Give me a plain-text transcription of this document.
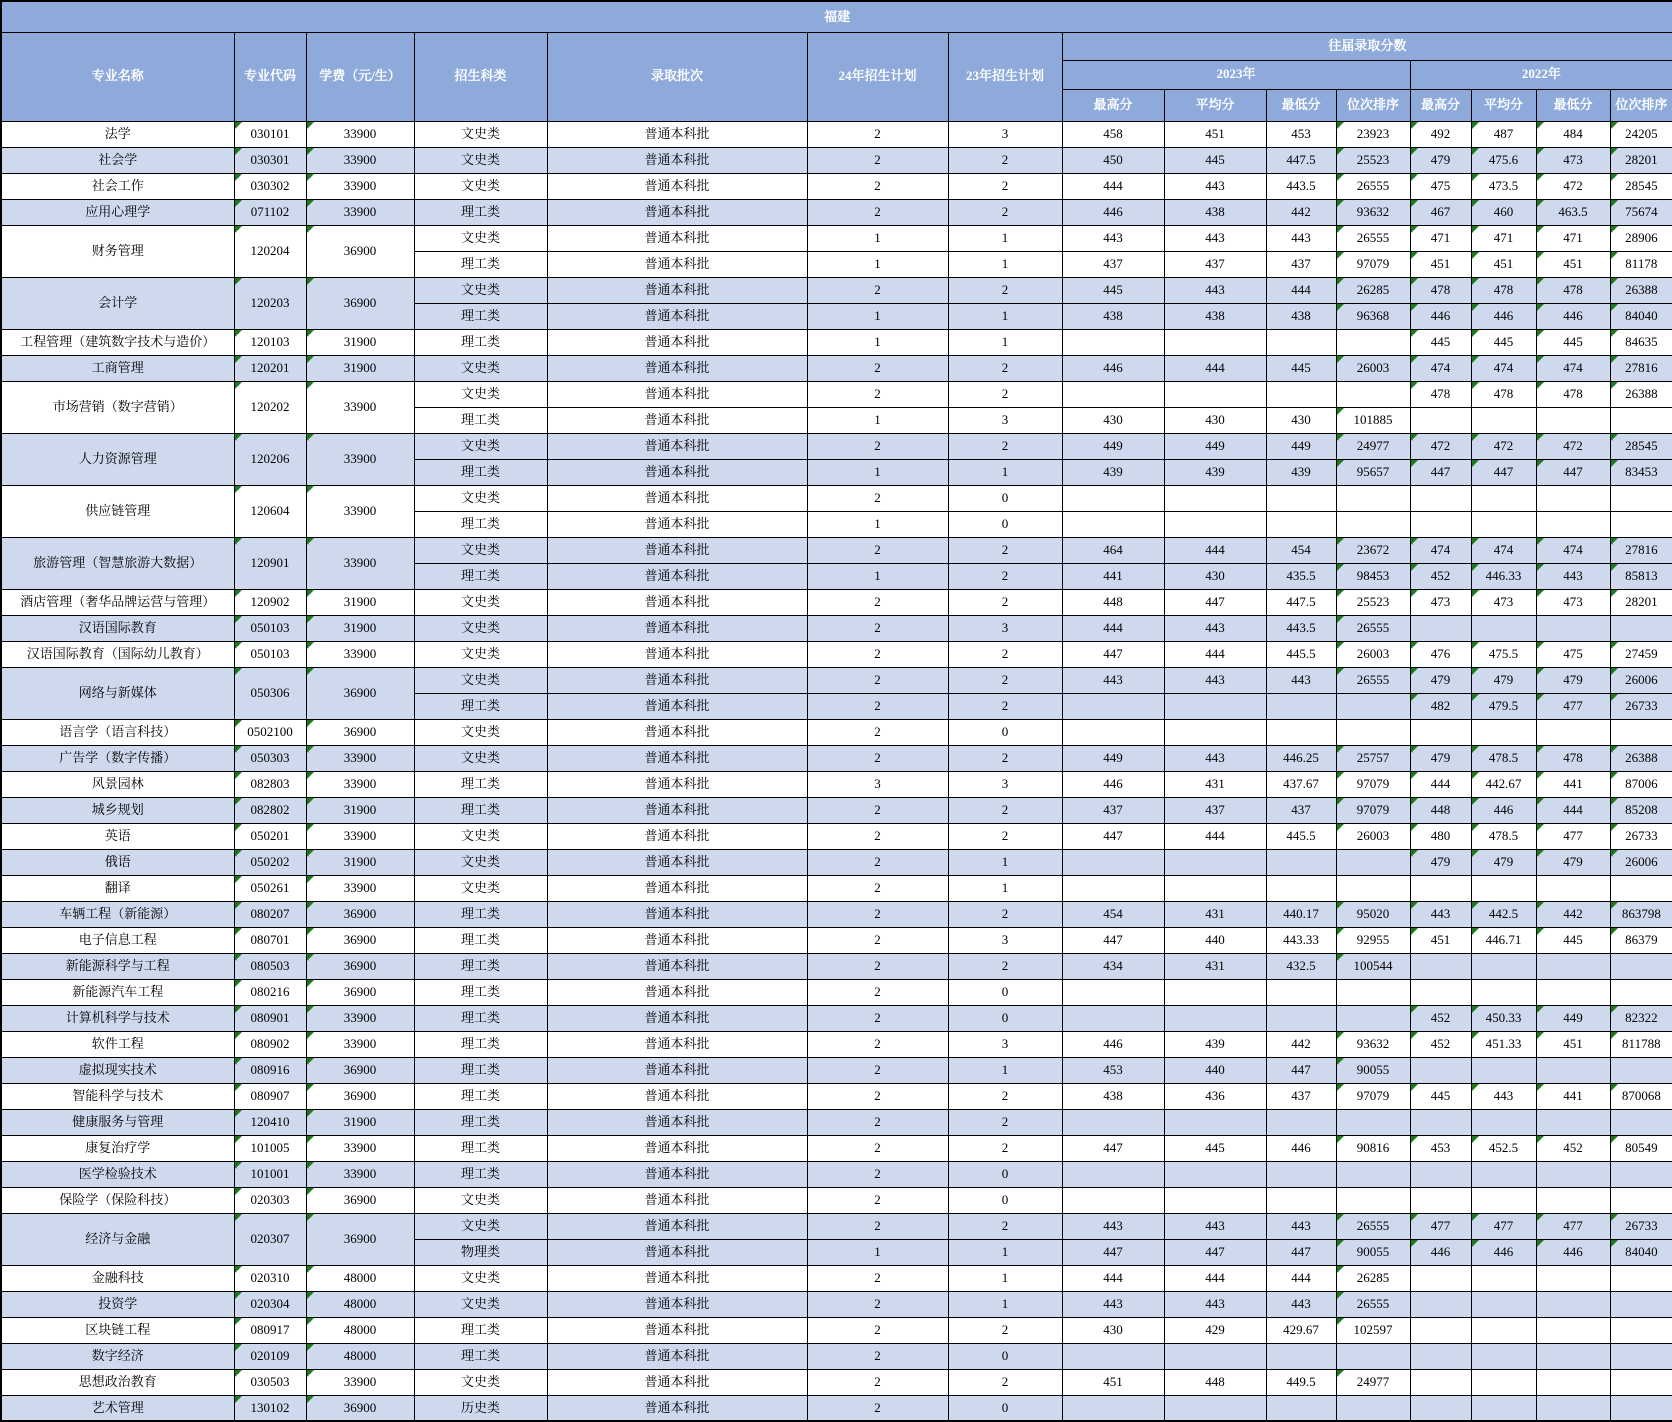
福建														
专业名称	专业代码	学费（元/生）	招生科类	录取批次	24年招生计划	23年招生计划	往届录取分数							
							2023年				2022年			
							最高分	平均分	最低分	位次排序	最高分	平均分	最低分	位次排序
法学	030101	33900	文史类	普通本科批	2	3	458	451	453	23923	492	487	484	24205
社会学	030301	33900	文史类	普通本科批	2	2	450	445	447.5	25523	479	475.6	473	28201
社会工作	030302	33900	文史类	普通本科批	2	2	444	443	443.5	26555	475	473.5	472	28545
应用心理学	071102	33900	理工类	普通本科批	2	2	446	438	442	93632	467	460	463.5	75674
财务管理	120204	36900	文史类	普通本科批	1	1	443	443	443	26555	471	471	471	28906
			理工类	普通本科批	1	1	437	437	437	97079	451	451	451	81178
会计学	120203	36900	文史类	普通本科批	2	2	445	443	444	26285	478	478	478	26388
			理工类	普通本科批	1	1	438	438	438	96368	446	446	446	84040
工程管理（建筑数字技术与造价）	120103	31900	理工类	普通本科批	1	1					445	445	445	84635
工商管理	120201	31900	文史类	普通本科批	2	2	446	444	445	26003	474	474	474	27816
市场营销（数字营销）	120202	33900	文史类	普通本科批	2	2					478	478	478	26388
			理工类	普通本科批	1	3	430	430	430	101885				
人力资源管理	120206	33900	文史类	普通本科批	2	2	449	449	449	24977	472	472	472	28545
			理工类	普通本科批	1	1	439	439	439	95657	447	447	447	83453
供应链管理	120604	33900	文史类	普通本科批	2	0								
			理工类	普通本科批	1	0								
旅游管理（智慧旅游大数据）	120901	33900	文史类	普通本科批	2	2	464	444	454	23672	474	474	474	27816
			理工类	普通本科批	1	2	441	430	435.5	98453	452	446.33	443	85813
酒店管理（奢华品牌运营与管理）	120902	31900	文史类	普通本科批	2	2	448	447	447.5	25523	473	473	473	28201
汉语国际教育	050103	31900	文史类	普通本科批	2	3	444	443	443.5	26555				
汉语国际教育（国际幼儿教育）	050103	33900	文史类	普通本科批	2	2	447	444	445.5	26003	476	475.5	475	27459
网络与新媒体	050306	36900	文史类	普通本科批	2	2	443	443	443	26555	479	479	479	26006
			理工类	普通本科批	2	2					482	479.5	477	26733
语言学（语言科技）	0502100	36900	文史类	普通本科批	2	0								
广告学（数字传播）	050303	33900	文史类	普通本科批	2	2	449	443	446.25	25757	479	478.5	478	26388
风景园林	082803	33900	理工类	普通本科批	3	3	446	431	437.67	97079	444	442.67	441	87006
城乡规划	082802	31900	理工类	普通本科批	2	2	437	437	437	97079	448	446	444	85208
英语	050201	33900	文史类	普通本科批	2	2	447	444	445.5	26003	480	478.5	477	26733
俄语	050202	31900	文史类	普通本科批	2	1					479	479	479	26006
翻译	050261	33900	文史类	普通本科批	2	1								
车辆工程（新能源）	080207	36900	理工类	普通本科批	2	2	454	431	440.17	95020	443	442.5	442	863798
电子信息工程	080701	36900	理工类	普通本科批	2	3	447	440	443.33	92955	451	446.71	445	86379
新能源科学与工程	080503	36900	理工类	普通本科批	2	2	434	431	432.5	100544				
新能源汽车工程	080216	36900	理工类	普通本科批	2	0								
计算机科学与技术	080901	33900	理工类	普通本科批	2	0					452	450.33	449	82322
软件工程	080902	33900	理工类	普通本科批	2	3	446	439	442	93632	452	451.33	451	811788
虚拟现实技术	080916	36900	理工类	普通本科批	2	1	453	440	447	90055				
智能科学与技术	080907	36900	理工类	普通本科批	2	2	438	436	437	97079	445	443	441	870068
健康服务与管理	120410	31900	理工类	普通本科批	2	2								
康复治疗学	101005	33900	理工类	普通本科批	2	2	447	445	446	90816	453	452.5	452	80549
医学检验技术	101001	33900	理工类	普通本科批	2	0								
保险学（保险科技）	020303	36900	文史类	普通本科批	2	0								
经济与金融	020307	36900	文史类	普通本科批	2	2	443	443	443	26555	477	477	477	26733
			物理类	普通本科批	1	1	447	447	447	90055	446	446	446	84040
金融科技	020310	48000	文史类	普通本科批	2	1	444	444	444	26285				
投资学	020304	48000	文史类	普通本科批	2	1	443	443	443	26555				
区块链工程	080917	48000	理工类	普通本科批	2	2	430	429	429.67	102597				
数字经济	020109	48000	理工类	普通本科批	2	0								
思想政治教育	030503	33900	文史类	普通本科批	2	2	451	448	449.5	24977				
艺术管理	130102	36900	历史类	普通本科批	2	0								
